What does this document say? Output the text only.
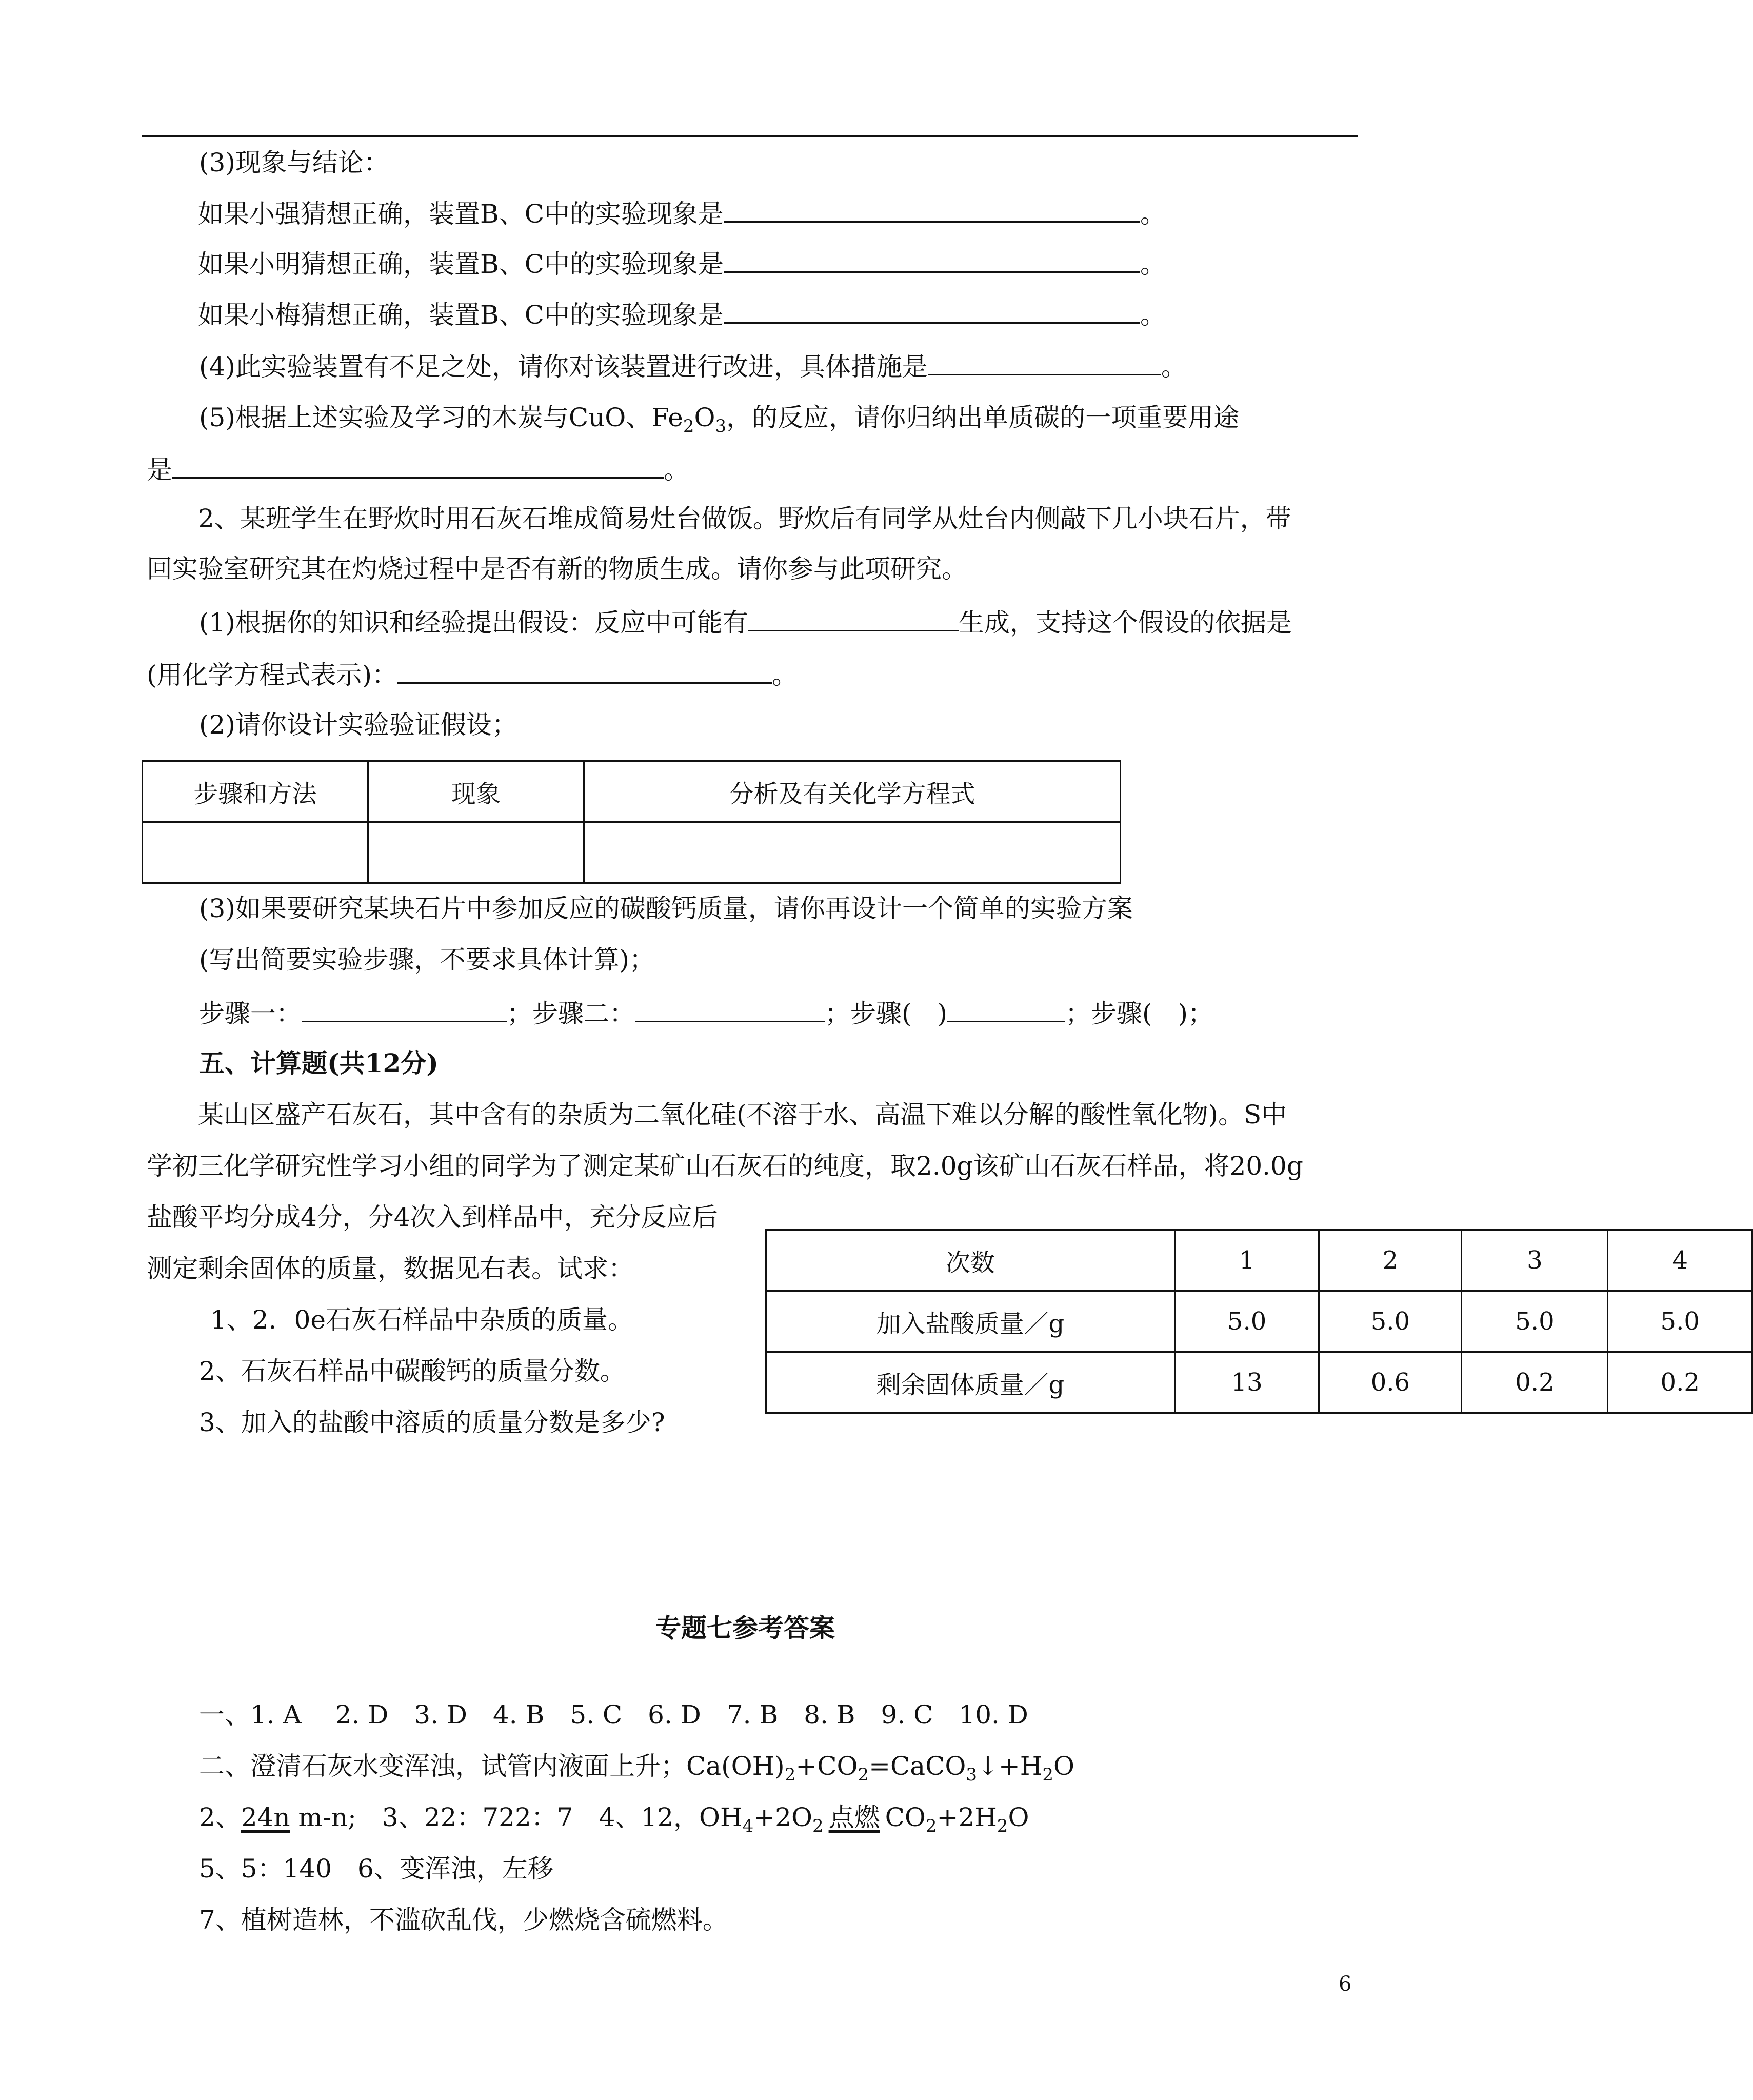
(3)现象与结论：
如果小强猜想正确，装置B、C中的实验现象是	。
如果小明猜想正确，装置B、C中的实验现象是	。
如果小梅猜想正确，装置B、C中的实验现象是	。
(4)此实验装置有不足之处，请你对该装置进行改进，具体措施是	。
(5)根据上述实验及学习的木炭与CuO、$Fe_2O_3$，的反应，请你归纳出单质碳的一项重要用途
是	。
2、某班学生在野炊时用石灰石堆成简易灶台做饭。野炊后有同学从灶台内侧敲下几小块石片，带
回实验室研究其在灼烧过程中是否有新的物质生成。请你参与此项研究。
(1)根据你的知识和经验提出假设：反应中可能有	生成，支持这个假设的依据是
(用化学方程式表示)：	。
(2)请你设计实验验证假设；
步骤和方法	现象	分析及有关化学方程式

(3)如果要研究某块石片中参加反应的碳酸钙质量，请你再设计一个简单的实验方案
(写出简要实验步骤，不要求具体计算)；
步骤一：	；步骤二：	；步骤(　)	；步骤(　)；
五、计算题(共12分)
某山区盛产石灰石，其中含有的杂质为二氧化硅(不溶于水、高温下难以分解的酸性氧化物)。S中
学初三化学研究性学习小组的同学为了测定某矿山石灰石的纯度，取2.0g该矿山石灰石样品，将20.0g
盐酸平均分成4分，分4次入到样品中，充分反应后
测定剩余固体的质量，数据见右表。试求：
1、2．0e石灰石样品中杂质的质量。
2、石灰石样品中碳酸钙的质量分数。
3、加入的盐酸中溶质的质量分数是多少?
次数	1	2	3	4
加入盐酸质量／g	5.0	5.0	5.0	5.0
剩余固体质量／g	13	0.6	0.2	0.2
专题七参考答案
一、1. A　 2. D　3. D　4. B　5. C　6. D　7. B　8. B　9. C　10. D
二、澄清石灰水变浑浊，试管内液面上升；$Ca(OH)_2+CO_2=CaCO_3↓+H_2O$
2、24n m-n;　3、22：722：7　4、12，$OH_4+2O_2$ 点燃 $CO_2+2H_2O$
5、5：140　6、变浑浊，左移
7、植树造林，不滥砍乱伐，少燃烧含硫燃料。
6
